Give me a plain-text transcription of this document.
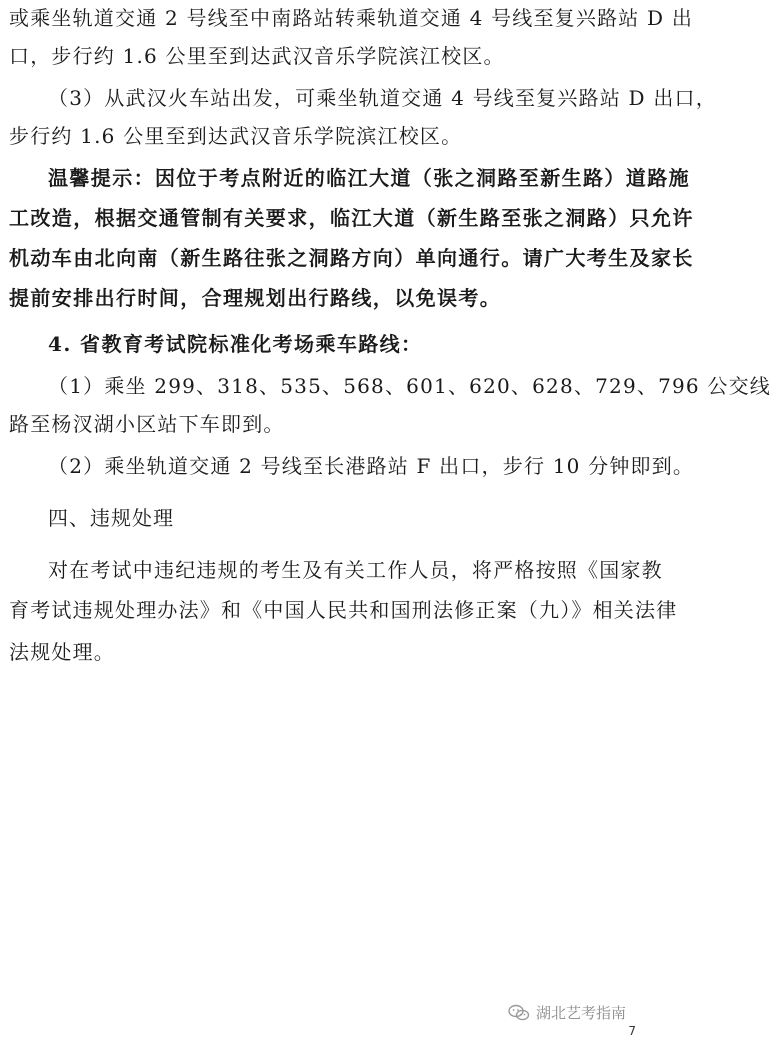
或乘坐轨道交通 2 号线至中南路站转乘轨道交通 4 号线至复兴路站 D 出
口，步行约 1.6 公里至到达武汉音乐学院滨江校区。
（3）从武汉火车站出发，可乘坐轨道交通 4 号线至复兴路站 D 出口，
步行约 1.6 公里至到达武汉音乐学院滨江校区。
温馨提示：因位于考点附近的临江大道（张之洞路至新生路）道路施
工改造，根据交通管制有关要求，临江大道（新生路至张之洞路）只允许
机动车由北向南（新生路往张之洞路方向）单向通行。请广大考生及家长
提前安排出行时间，合理规划出行路线，以免误考。
4. 省教育考试院标准化考场乘车路线：
（1）乘坐 299、318、535、568、601、620、628、729、796 公交线
路至杨汊湖小区站下车即到。
（2）乘坐轨道交通 2 号线至长港路站 F 出口，步行 10 分钟即到。
四、违规处理
对在考试中违纪违规的考生及有关工作人员，将严格按照《国家教
育考试违规处理办法》和《中国人民共和国刑法修正案（九）》相关法律
法规处理。
湖北艺考指南
7
